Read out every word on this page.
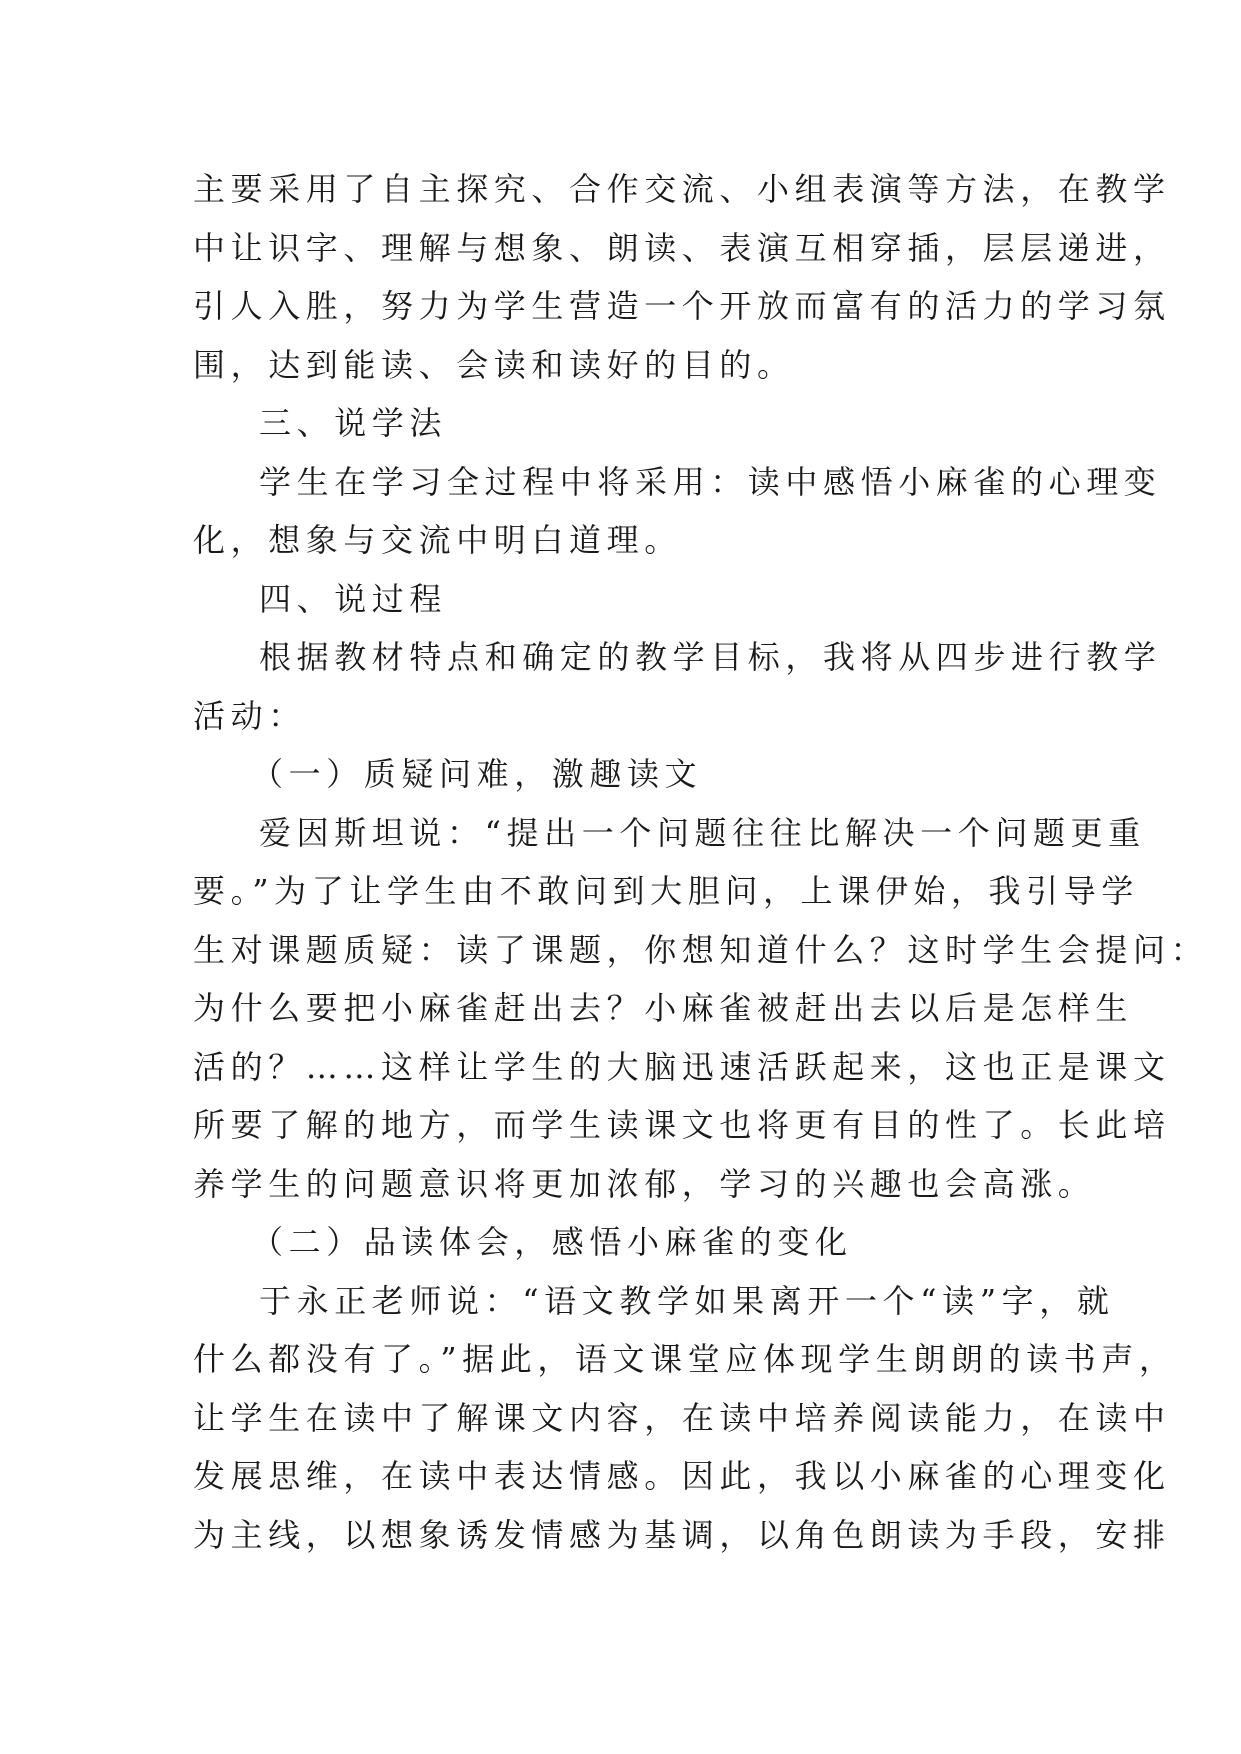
主要采用了自主探究、合作交流、小组表演等方法，在教学
中让识字、理解与想象、朗读、表演互相穿插，层层递进，
引人入胜，努力为学生营造一个开放而富有的活力的学习氛
围，达到能读、会读和读好的目的。
三、说学法
学生在学习全过程中将采用：读中感悟小麻雀的心理变
化，想象与交流中明白道理。
四、说过程
根据教材特点和确定的教学目标，我将从四步进行教学
活动：
（一）质疑问难，激趣读文
爱因斯坦说：“提出一个问题往往比解决一个问题更重
要。”为了让学生由不敢问到大胆问，上课伊始，我引导学
生对课题质疑：读了课题，你想知道什么？这时学生会提问：
为什么要把小麻雀赶出去？小麻雀被赶出去以后是怎样生
活的？……这样让学生的大脑迅速活跃起来，这也正是课文
所要了解的地方，而学生读课文也将更有目的性了。长此培
养学生的问题意识将更加浓郁，学习的兴趣也会高涨。
（二）品读体会，感悟小麻雀的变化
于永正老师说：“语文教学如果离开一个“读”字，就
什么都没有了。”据此，语文课堂应体现学生朗朗的读书声，
让学生在读中了解课文内容，在读中培养阅读能力，在读中
发展思维，在读中表达情感。因此，我以小麻雀的心理变化
为主线，以想象诱发情感为基调，以角色朗读为手段，安排
